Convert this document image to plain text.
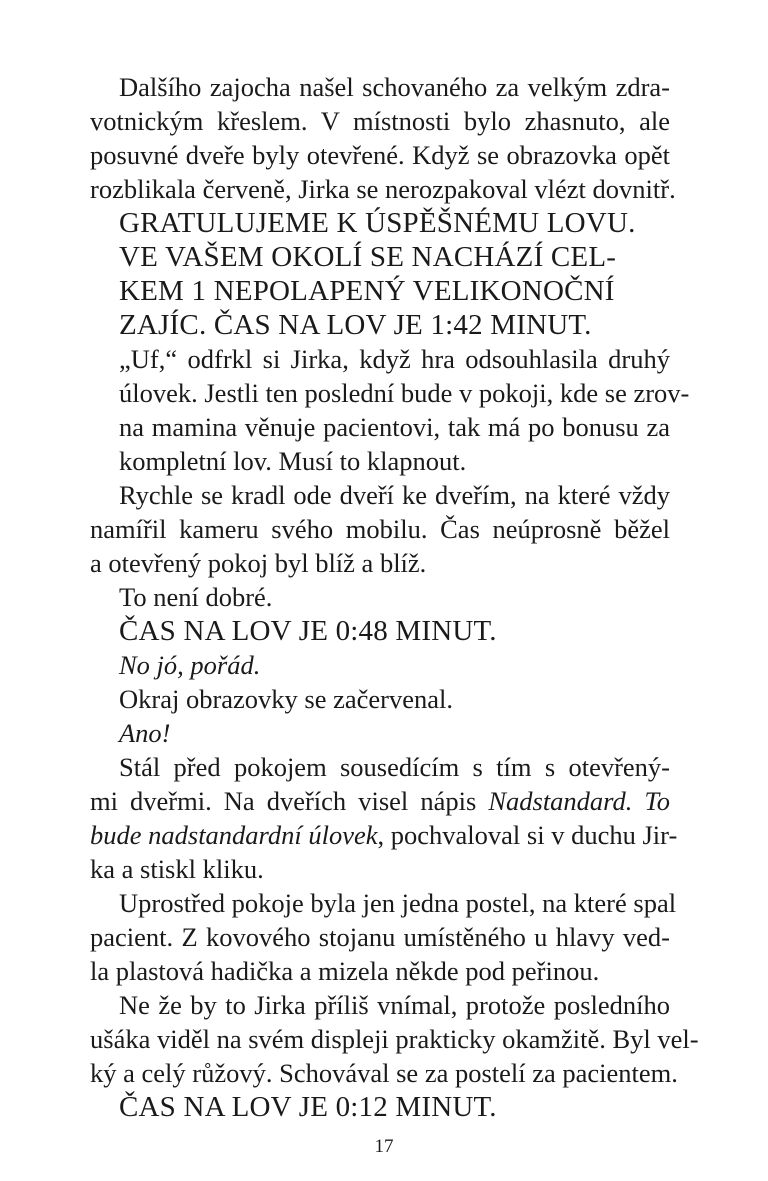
Dalšího zajocha našel schovaného za velkým zdra-
votnickým křeslem. V místnosti bylo zhasnuto, ale
posuvné dveře byly otevřené. Když se obrazovka opět
rozblikala červeně, Jirka se nerozpakoval vlézt dovnitř.
GRATULUJEME K ÚSPĚŠNÉMU LOVU.
VE VAŠEM OKOLÍ SE NACHÁZÍ CEL-
KEM 1 NEPOLAPENÝ VELIKONOČNÍ
ZAJÍC. ČAS NA LOV JE 1:42 MINUT.
„Uf,“ odfrkl si Jirka, když hra odsouhlasila druhý
úlovek. Jestli ten poslední bude v pokoji, kde se zrov-
na mamina věnuje pacientovi, tak má po bonusu za
kompletní lov. Musí to klapnout.
Rychle se kradl ode dveří ke dveřím, na které vždy
namířil kameru svého mobilu. Čas neúprosně běžel
a otevřený pokoj byl blíž a blíž.
To není dobré.
ČAS NA LOV JE 0:48 MINUT.
No jó, pořád.
Okraj obrazovky se začervenal.
Ano!
Stál před pokojem sousedícím s tím s otevřený-
mi dveřmi. Na dveřích visel nápis Nadstandard. To
bude nadstandardní úlovek, pochvaloval si v duchu Jir-
ka a stiskl kliku.
Uprostřed pokoje byla jen jedna postel, na které spal
pacient. Z kovového stojanu umístěného u hlavy ved-
la plastová hadička a mizela někde pod peřinou.
Ne že by to Jirka příliš vnímal, protože posledního
ušáka viděl na svém displeji prakticky okamžitě. Byl vel-
ký a celý růžový. Schovával se za postelí za pacientem.
ČAS NA LOV JE 0:12 MINUT.
17
